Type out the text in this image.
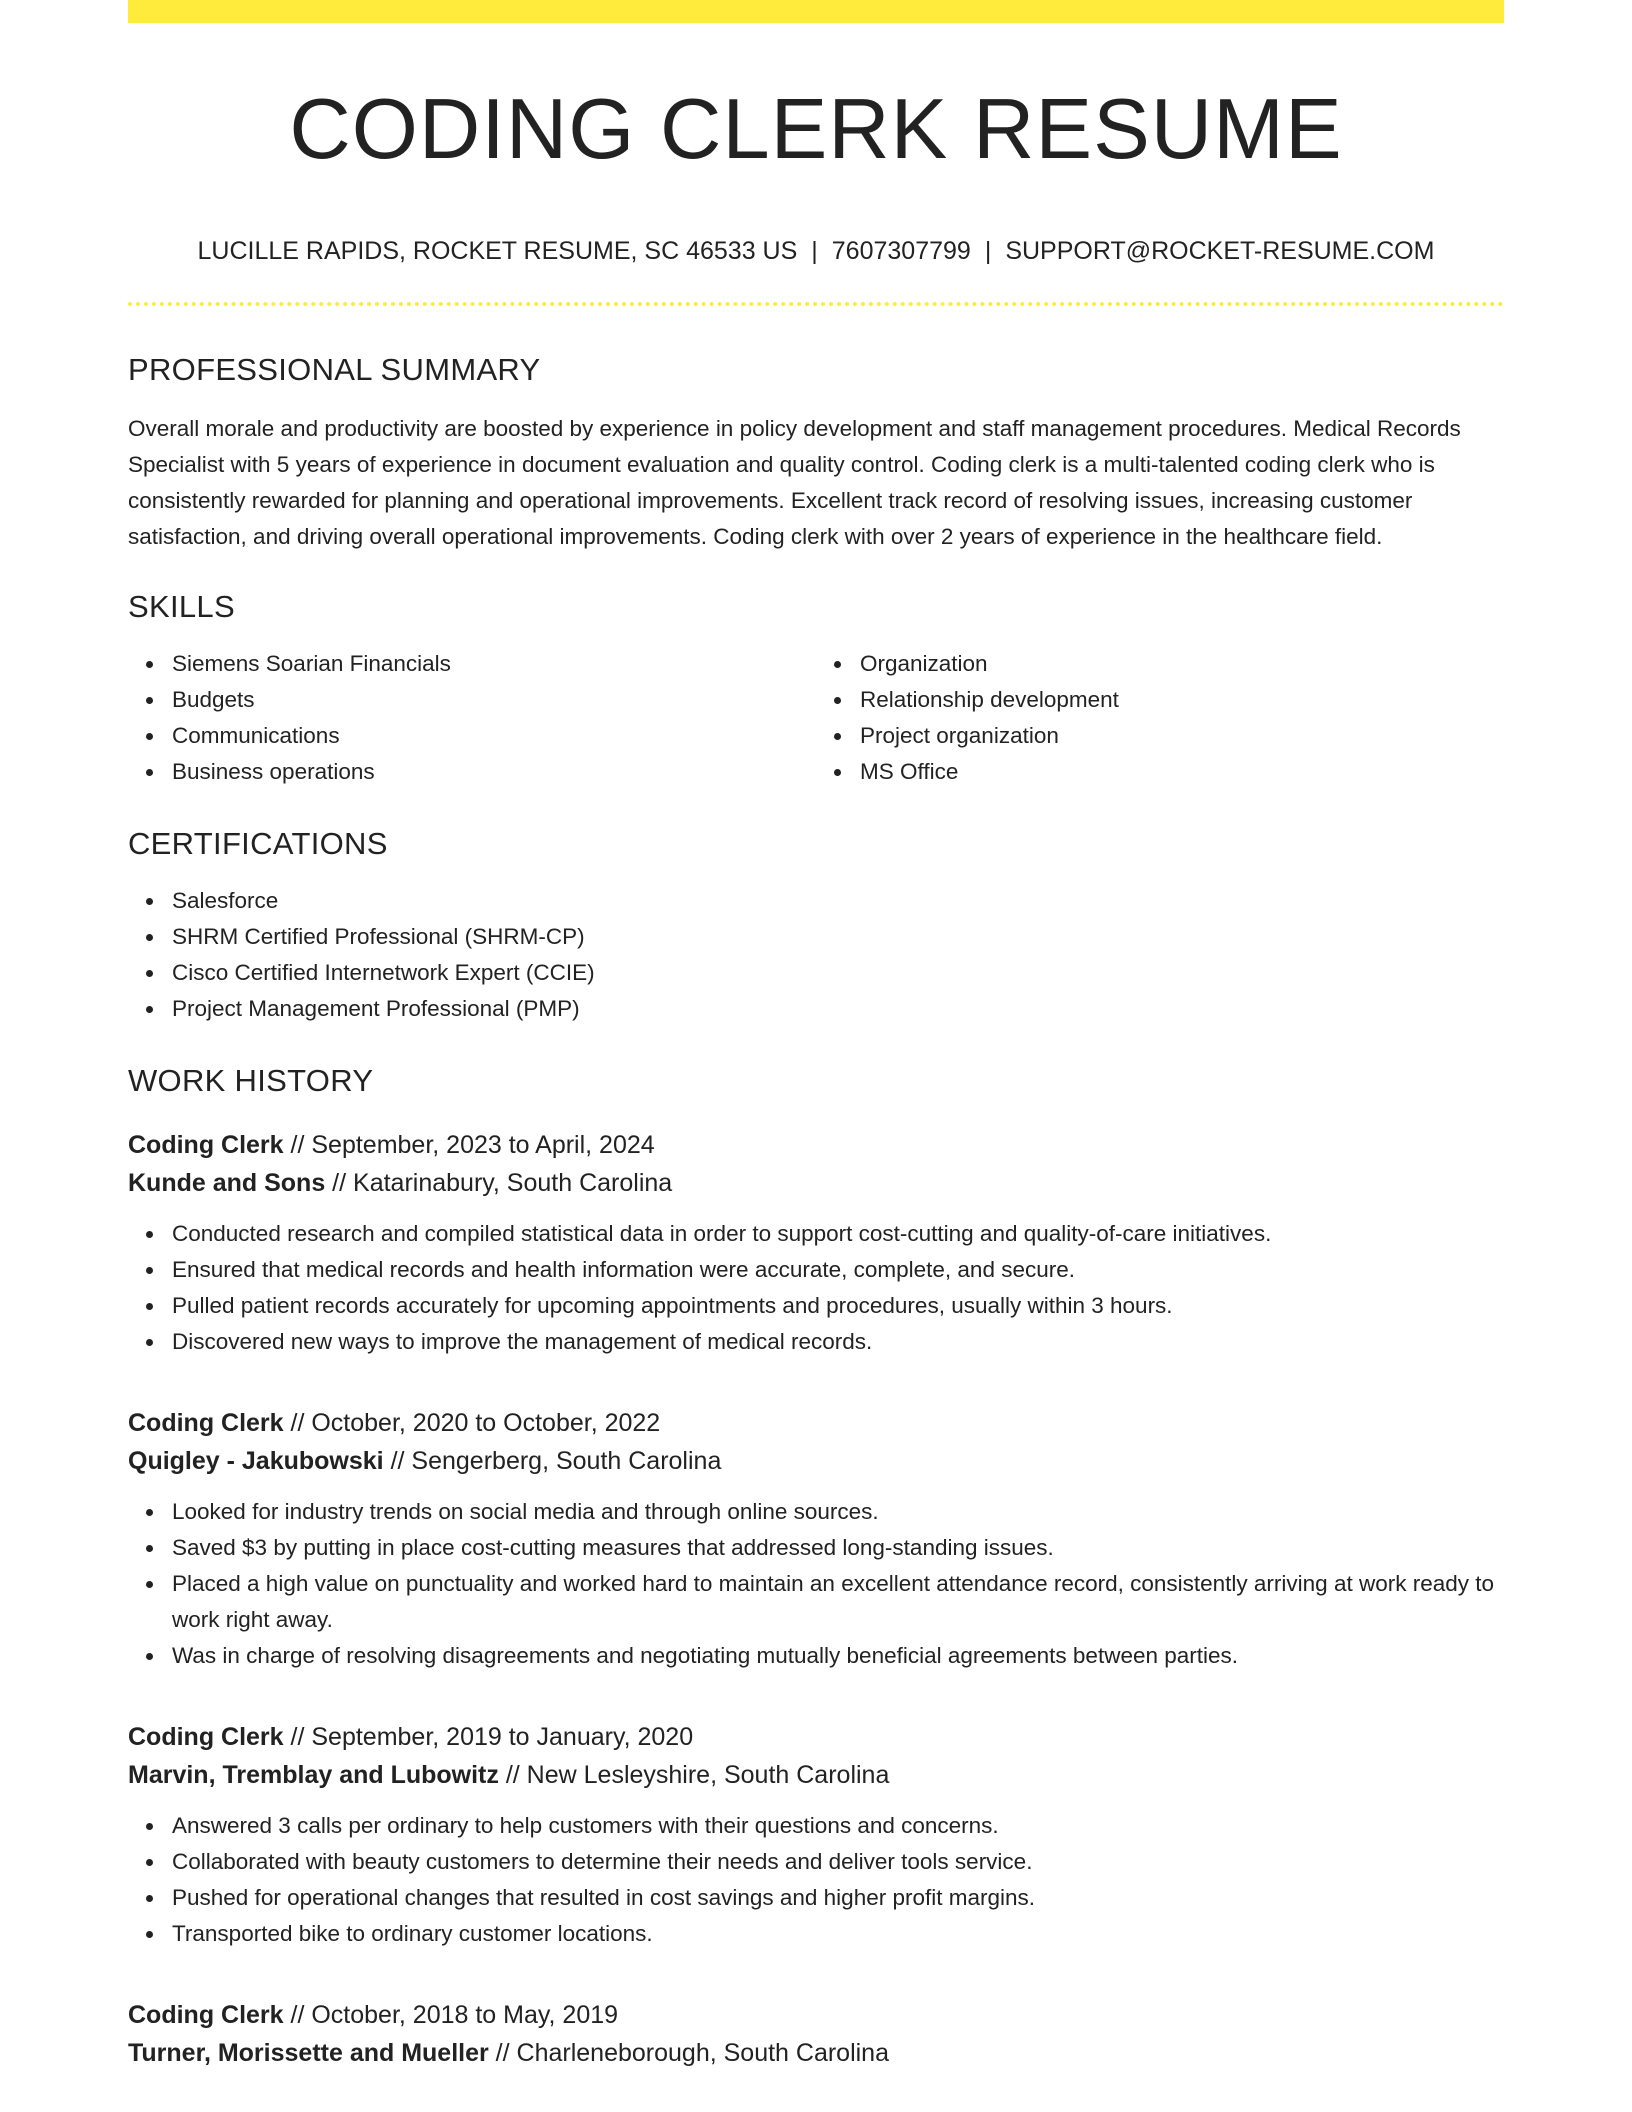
CODING CLERK RESUME
LUCILLE RAPIDS, ROCKET RESUME, SC 46533 US | 7607307799 | SUPPORT@ROCKET-RESUME.COM
PROFESSIONAL SUMMARY

Overall morale and productivity are boosted by experience in policy development and staff management procedures. Medical Records Specialist with 5 years of experience in document evaluation and quality control. Coding clerk is a multi-talented coding clerk who is consistently rewarded for planning and operational improvements. Excellent track record of resolving issues, increasing customer satisfaction, and driving overall operational improvements. Coding clerk with over 2 years of experience in the healthcare field.

SKILLS
Siemens Soarian Financials
Budgets
Communications
Business operations
Organization
Relationship development
Project organization
MS Office
CERTIFICATIONS
Salesforce
SHRM Certified Professional (SHRM-CP)
Cisco Certified Internetwork Expert (CCIE)
Project Management Professional (PMP)
WORK HISTORY
Coding Clerk // September, 2023 to April, 2024
Kunde and Sons // Katarinabury, South Carolina
Conducted research and compiled statistical data in order to support cost-cutting and quality-of-care initiatives.
Ensured that medical records and health information were accurate, complete, and secure.
Pulled patient records accurately for upcoming appointments and procedures, usually within 3 hours.
Discovered new ways to improve the management of medical records.
Coding Clerk // October, 2020 to October, 2022
Quigley - Jakubowski // Sengerberg, South Carolina
Looked for industry trends on social media and through online sources.
Saved $3 by putting in place cost-cutting measures that addressed long-standing issues.
Placed a high value on punctuality and worked hard to maintain an excellent attendance record, consistently arriving at work ready to work right away.
Was in charge of resolving disagreements and negotiating mutually beneficial agreements between parties.
Coding Clerk // September, 2019 to January, 2020
Marvin, Tremblay and Lubowitz // New Lesleyshire, South Carolina
Answered 3 calls per ordinary to help customers with their questions and concerns.
Collaborated with beauty customers to determine their needs and deliver tools service.
Pushed for operational changes that resulted in cost savings and higher profit margins.
Transported bike to ordinary customer locations.
Coding Clerk // October, 2018 to May, 2019
Turner, Morissette and Mueller // Charleneborough, South Carolina
